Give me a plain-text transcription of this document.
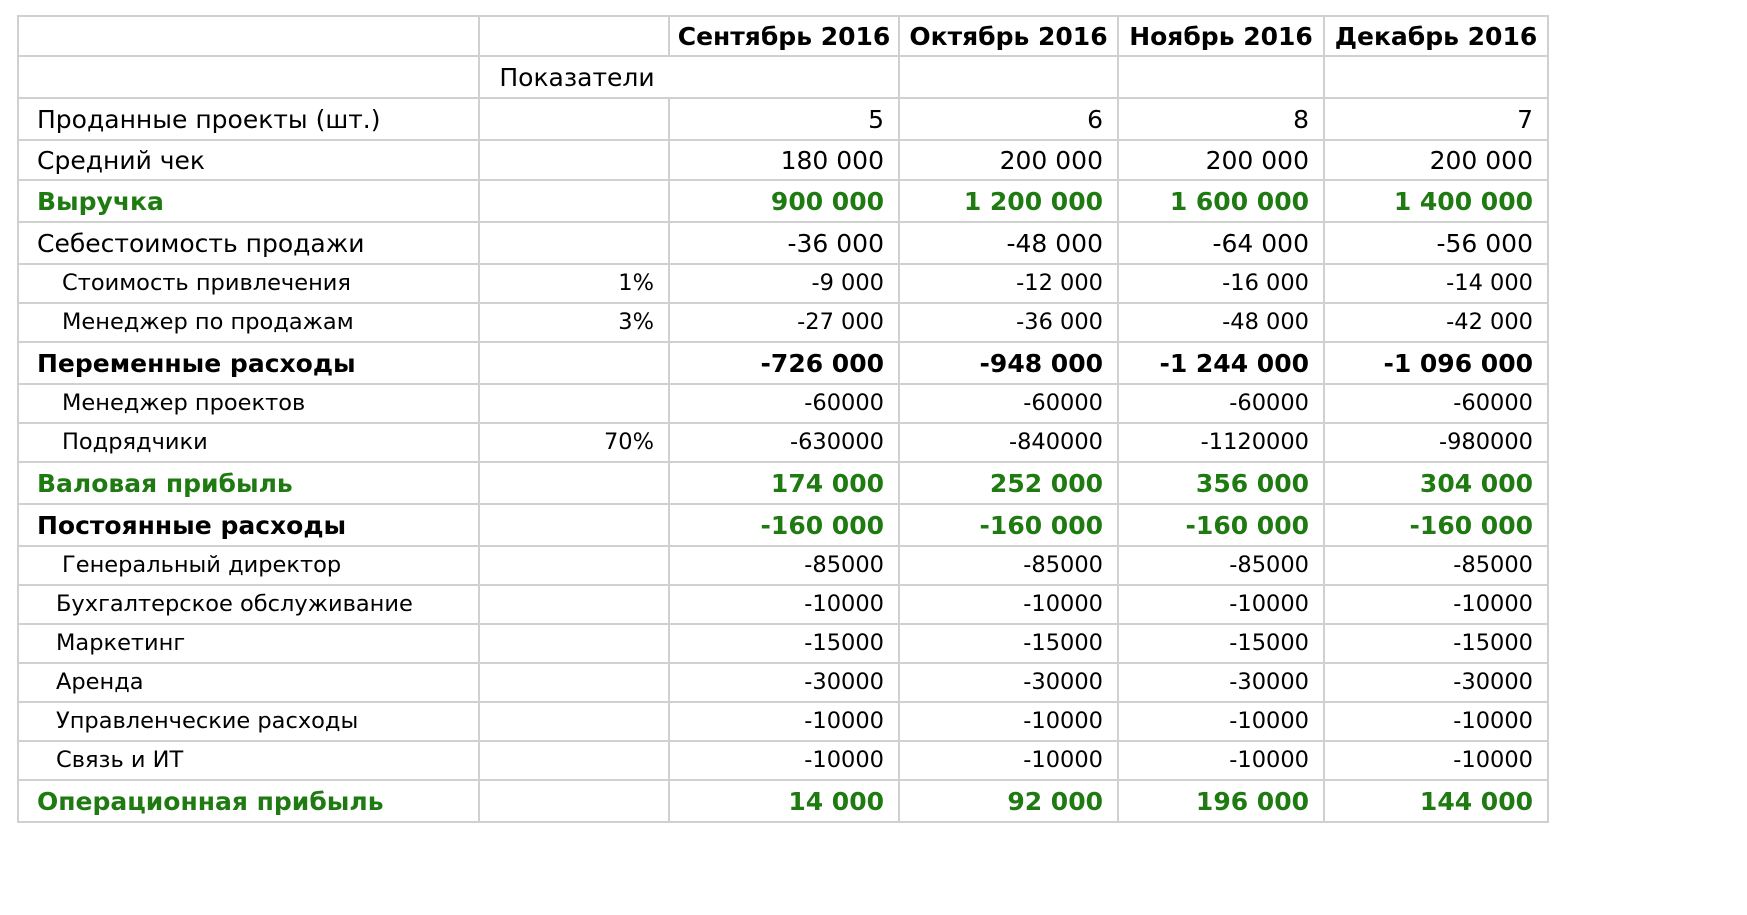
		Сентябрь 2016	Октябрь 2016	Ноябрь 2016	Декабрь 2016
	Показатели				
Проданные проекты (шт.)		5	6	8	7
Средний чек		180 000	200 000	200 000	200 000
Выручка		900 000	1 200 000	1 600 000	1 400 000
Себестоимость продажи		-36 000	-48 000	-64 000	-56 000
Стоимость привлечения	1%	-9 000	-12 000	-16 000	-14 000
Менеджер по продажам	3%	-27 000	-36 000	-48 000	-42 000
Переменные расходы		-726 000	-948 000	-1 244 000	-1 096 000
Менеджер проектов		-60000	-60000	-60000	-60000
Подрядчики	70%	-630000	-840000	-1120000	-980000
Валовая прибыль		174 000	252 000	356 000	304 000
Постоянные расходы		-160 000	-160 000	-160 000	-160 000
Генеральный директор		-85000	-85000	-85000	-85000
Бухгалтерское обслуживание		-10000	-10000	-10000	-10000
Маркетинг		-15000	-15000	-15000	-15000
Аренда		-30000	-30000	-30000	-30000
Управленческие расходы		-10000	-10000	-10000	-10000
Связь и ИТ		-10000	-10000	-10000	-10000
Операционная прибыль		14 000	92 000	196 000	144 000
